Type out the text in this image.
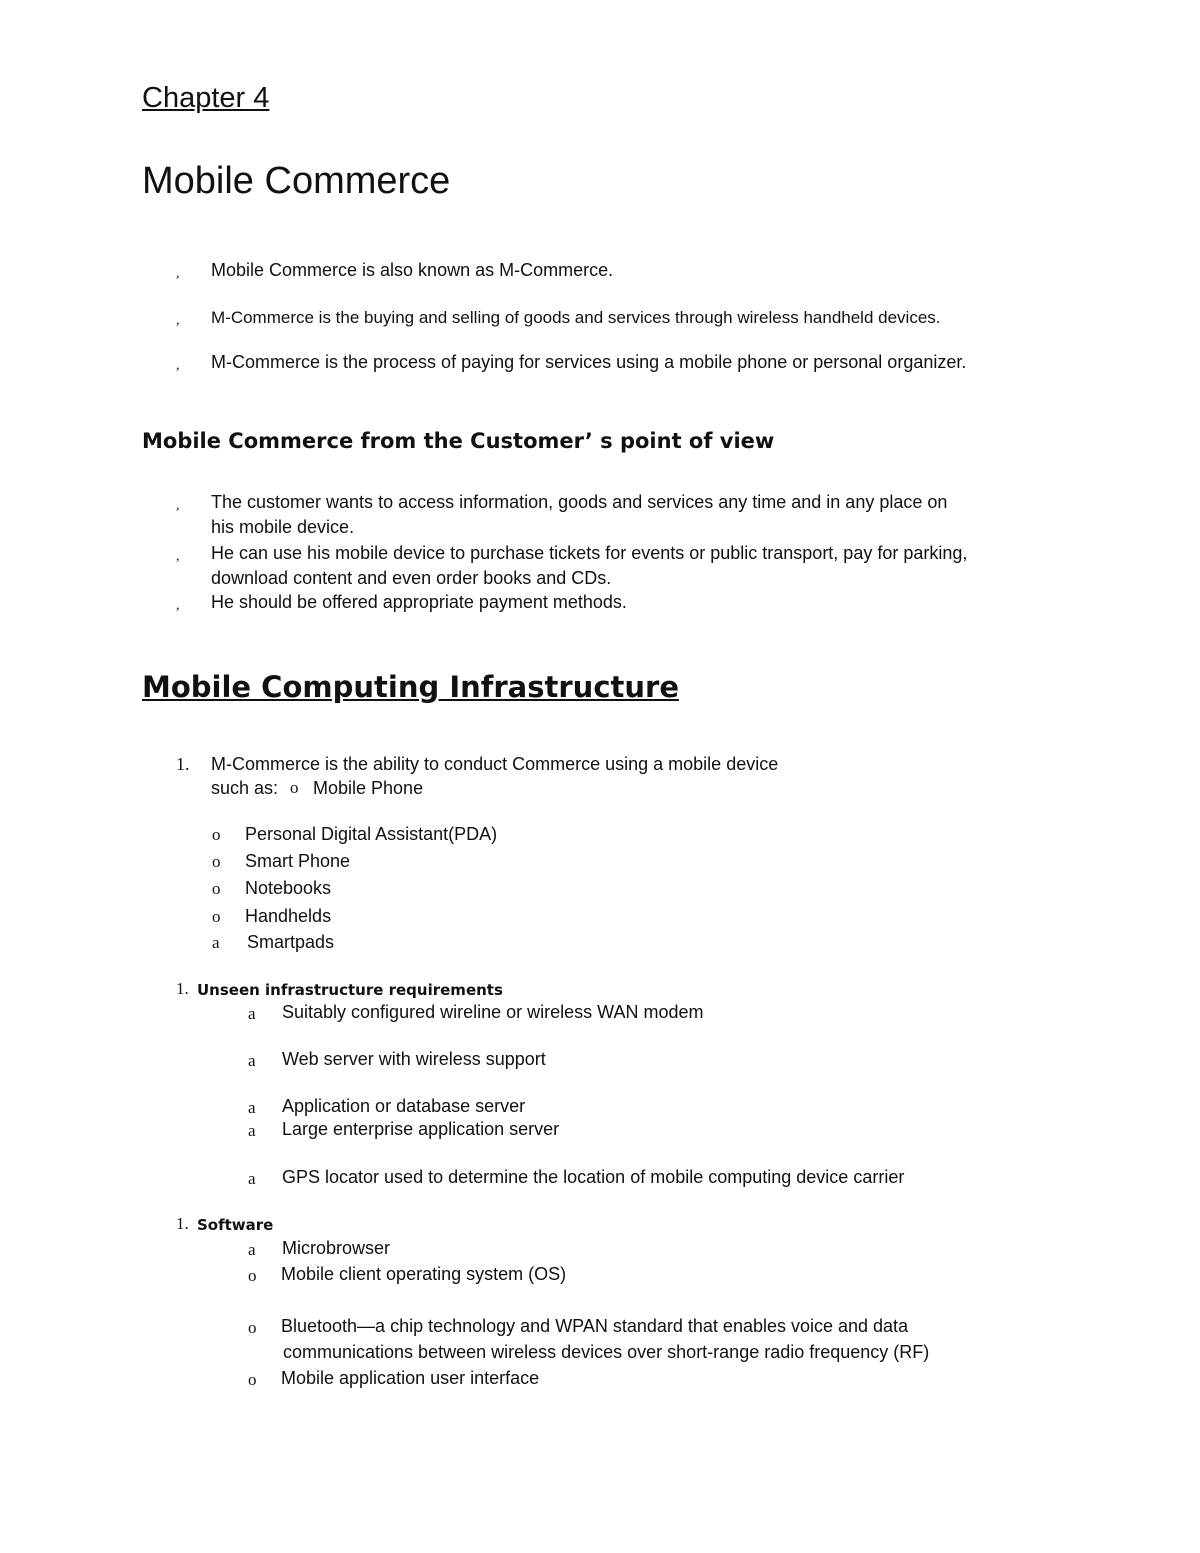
Chapter 4
Mobile Commerce
, Mobile Commerce is also known as M-Commerce.
, M-Commerce is the buying and selling of goods and services through wireless handheld devices.
, M-Commerce is the process of paying for services using a mobile phone or personal organizer.
Mobile Commerce from the Customer’ s point of view
, The customer wants to access information, goods and services any time and in any place on
his mobile device.
, He can use his mobile device to purchase tickets for events or public transport, pay for parking,
download content and even order books and CDs.
, He should be offered appropriate payment methods.
Mobile Computing Infrastructure
1. M-Commerce is the ability to conduct Commerce using a mobile device
such as: o Mobile Phone
o Personal Digital Assistant(PDA)
o Smart Phone
o Notebooks
o Handhelds
a Smartpads
1. Unseen infrastructure requirements
a Suitably configured wireline or wireless WAN modem
a Web server with wireless support
a Application or database server
a Large enterprise application server
a GPS locator used to determine the location of mobile computing device carrier
1. Software
a Microbrowser
o Mobile client operating system (OS)
o Bluetooth—a chip technology and WPAN standard that enables voice and data
communications between wireless devices over short-range radio frequency (RF)
o Mobile application user interface
